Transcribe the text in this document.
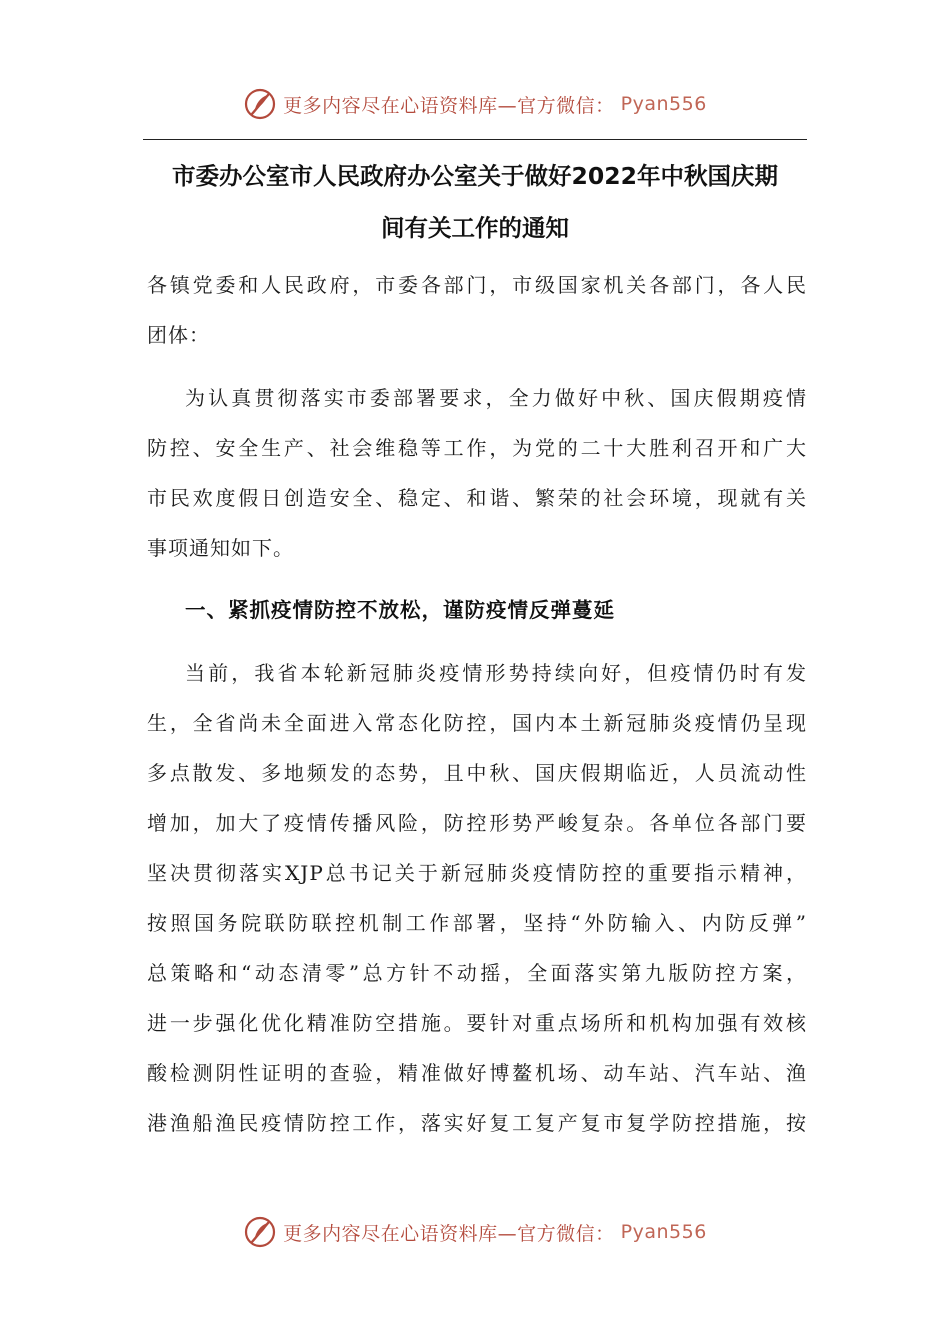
更多内容尽在心语资料库—官方微信： Pyan556
市委办公室市人民政府办公室关于做好2022年中秋国庆期
间有关工作的通知
各镇党委和人民政府，市委各部门，市级国家机关各部门，各人民
团体：
为认真贯彻落实市委部署要求，全力做好中秋、国庆假期疫情
防控、安全生产、社会维稳等工作，为党的二十大胜利召开和广大
市民欢度假日创造安全、稳定、和谐、繁荣的社会环境，现就有关
事项通知如下。
一、紧抓疫情防控不放松，谨防疫情反弹蔓延
当前，我省本轮新冠肺炎疫情形势持续向好，但疫情仍时有发
生，全省尚未全面进入常态化防控，国内本土新冠肺炎疫情仍呈现
多点散发、多地频发的态势，且中秋、国庆假期临近，人员流动性
增加，加大了疫情传播风险，防控形势严峻复杂。各单位各部门要
坚决贯彻落实XJP总书记关于新冠肺炎疫情防控的重要指示精神，
按照国务院联防联控机制工作部署，坚持“外防输入、内防反弹”
总策略和“动态清零”总方针不动摇，全面落实第九版防控方案，
进一步强化优化精准防空措施。要针对重点场所和机构加强有效核
酸检测阴性证明的查验，精准做好博鳌机场、动车站、汽车站、渔
港渔船渔民疫情防控工作，落实好复工复产复市复学防控措施，按
更多内容尽在心语资料库—官方微信： Pyan556
